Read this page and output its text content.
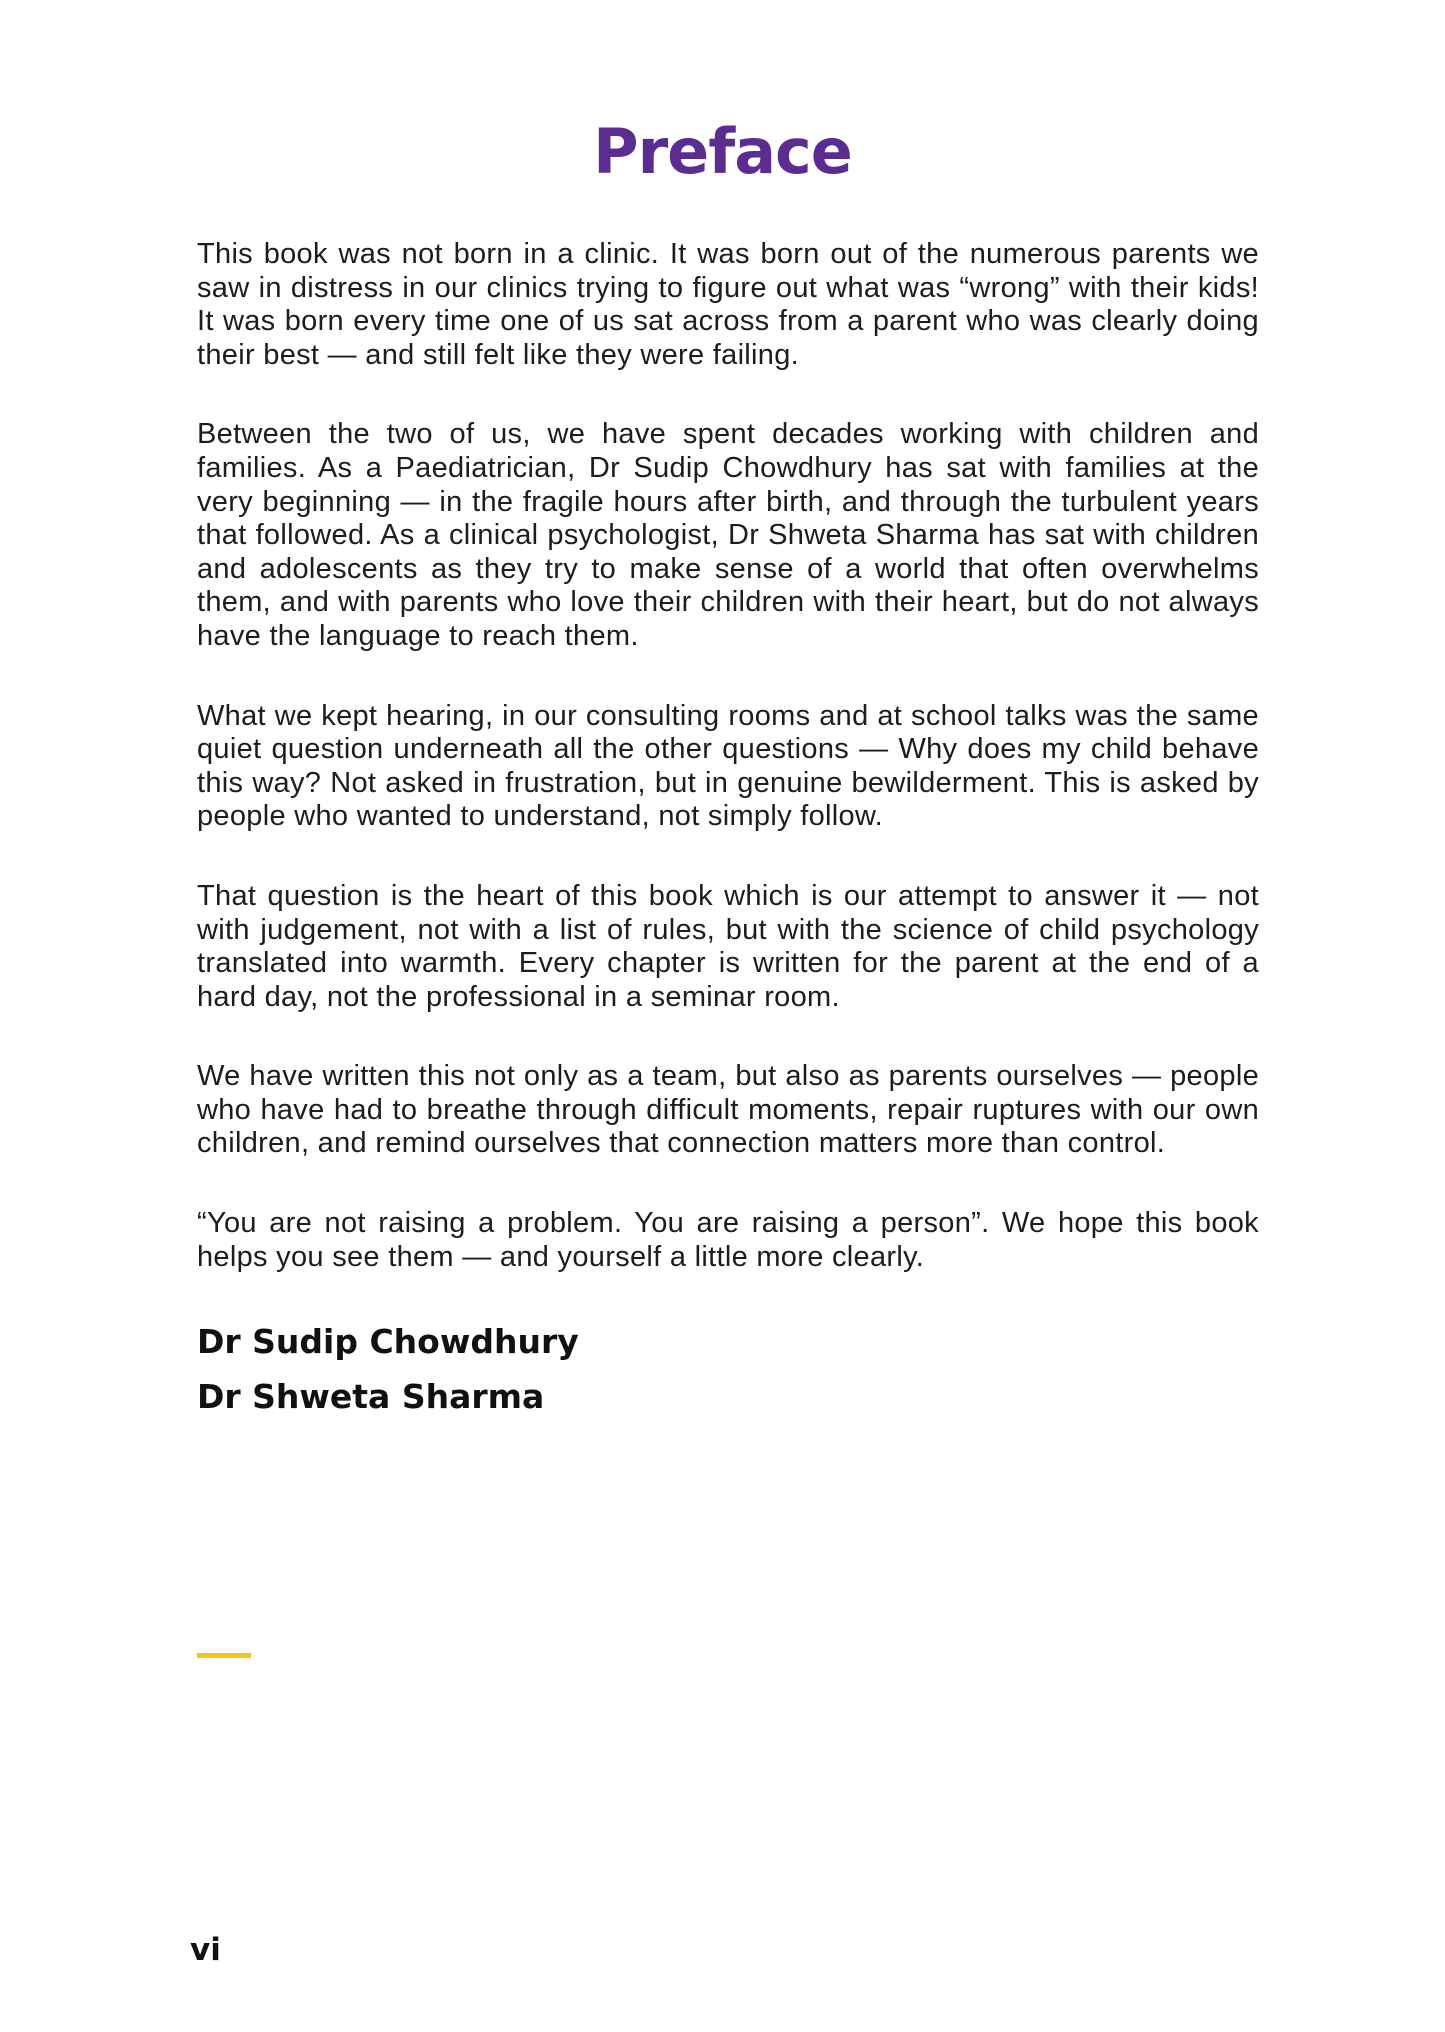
Preface

This book was not born in a clinic. It was born out of the numerous parents we saw in distress in our clinics trying to figure out what was “wrong” with their kids! It was born every time one of us sat across from a parent who was clearly doing their best — and still felt like they were failing.

Between the two of us, we have spent decades working with children and families. As a Paediatrician, Dr Sudip Chowdhury has sat with families at the very beginning — in the fragile hours after birth, and through the turbulent years that followed. As a clinical psychologist, Dr Shweta Sharma has sat with children and adolescents as they try to make sense of a world that often overwhelms them, and with parents who love their children with their heart, but do not always have the language to reach them.

What we kept hearing, in our consulting rooms and at school talks was the same quiet question underneath all the other questions — Why does my child behave this way? Not asked in frustration, but in genuine bewilderment. This is asked by people who wanted to understand, not simply follow.

That question is the heart of this book which is our attempt to answer it — not with judgement, not with a list of rules, but with the science of child psychology translated into warmth. Every chapter is written for the parent at the end of a hard day, not the professional in a seminar room.

We have written this not only as a team, but also as parents ourselves — people who have had to breathe through difficult moments, repair ruptures with our own children, and remind ourselves that connection matters more than control.

“You are not raising a problem. You are raising a person”. We hope this book helps you see them — and yourself a little more clearly.

Dr Sudip Chowdhury

Dr Shweta Sharma

vi
